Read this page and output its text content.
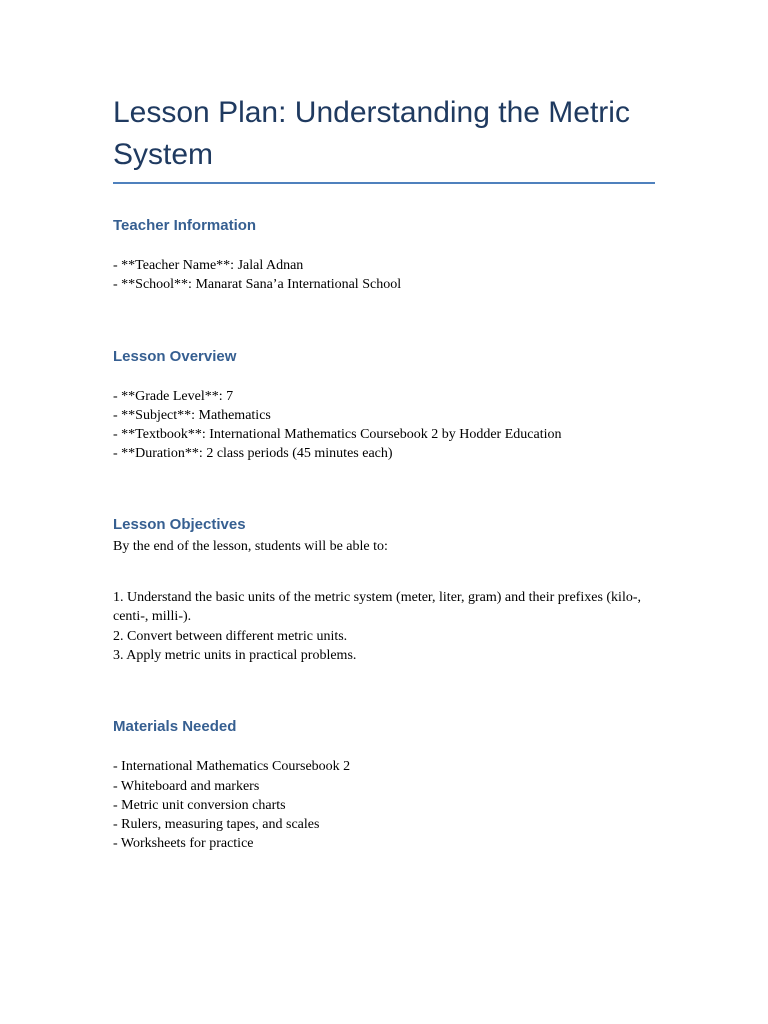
Lesson Plan: Understanding the Metric System
Teacher Information
- **Teacher Name**: Jalal Adnan
- **School**: Manarat Sana’a International School
Lesson Overview
- **Grade Level**: 7
- **Subject**: Mathematics
- **Textbook**: International Mathematics Coursebook 2 by Hodder Education
- **Duration**: 2 class periods (45 minutes each)
Lesson Objectives

By the end of the lesson, students will be able to:

1. Understand the basic units of the metric system (meter, liter, gram) and their prefixes (kilo-, centi-, milli-).
2. Convert between different metric units.
3. Apply metric units in practical problems.
Materials Needed
- International Mathematics Coursebook 2
- Whiteboard and markers
- Metric unit conversion charts
- Rulers, measuring tapes, and scales
- Worksheets for practice
